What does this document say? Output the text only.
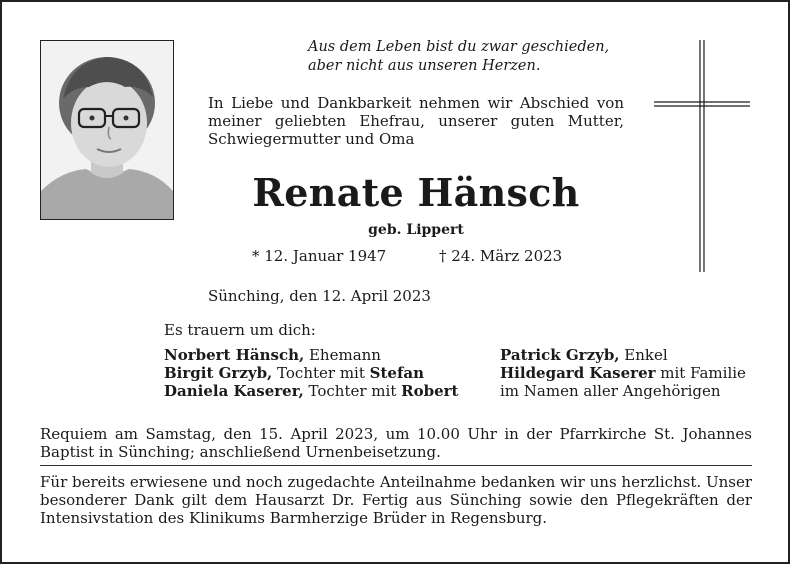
Aus dem Leben bist du zwar geschieden,
aber nicht aus unseren Herzen.
In Liebe und Dankbarkeit nehmen wir Abschied von meiner geliebten Ehefrau, unserer guten Mutter, Schwiegermutter und Oma
Renate Hänsch
geb. Lippert
* 12. Januar 1947	† 24. März 2023
Sünching, den 12. April 2023
Es trauern um dich:
Norbert Hänsch, Ehemann
Birgit Grzyb, Tochter mit Stefan
Daniela Kaserer, Tochter mit Robert
Patrick Grzyb, Enkel
Hildegard Kaserer mit Familie
im Namen aller Angehörigen
Requiem am Samstag, den 15. April 2023, um 10.00 Uhr in der Pfarrkirche St. Johannes Baptist in Sünching; anschließend Urnenbeisetzung.
Für bereits erwiesene und noch zugedachte Anteilnahme bedanken wir uns herzlichst. Unser besonderer Dank gilt dem Hausarzt Dr. Fertig aus Sünching sowie den Pflegekräften der Intensivstation des Klinikums Barmherzige Brüder in Regensburg.
